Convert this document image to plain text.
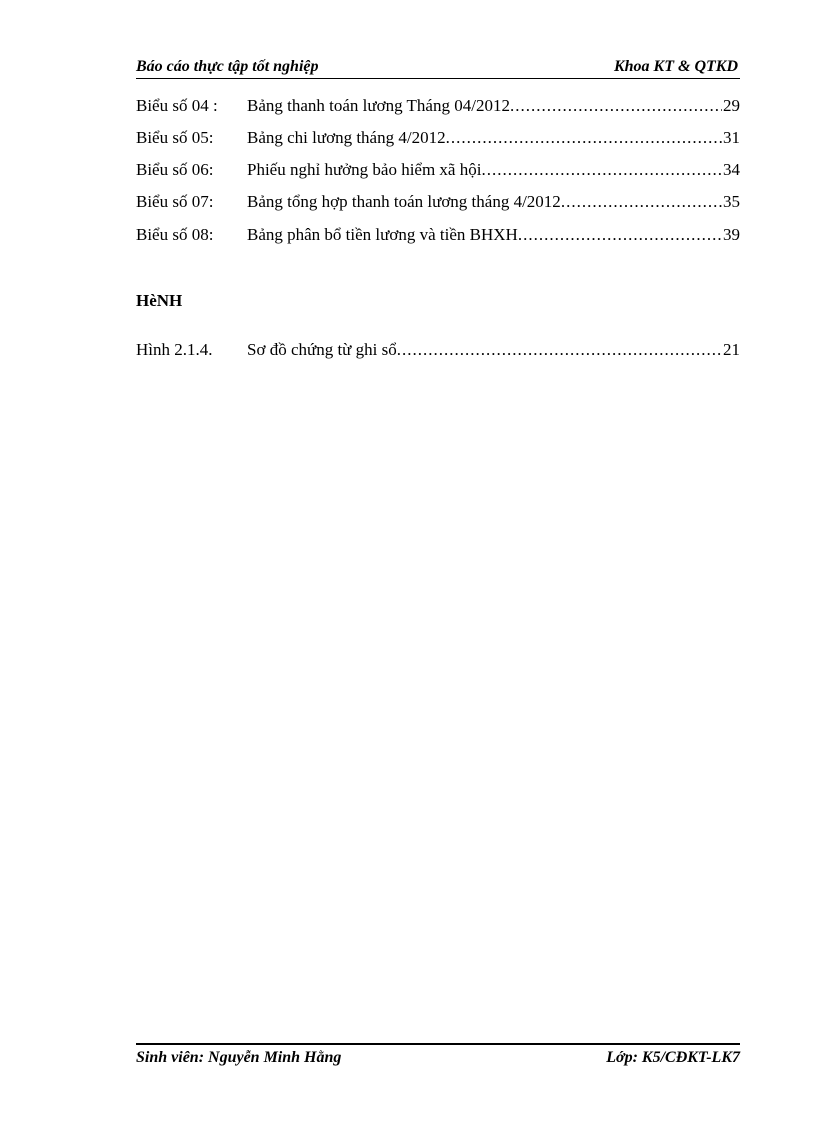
Báo cáo thực tập tốt nghiệp	Khoa KT & QTKD
Biểu số 04 :	Bảng thanh toán lương Tháng 04/2012 .....	29
Biểu số 05:	Bảng chi lương tháng 4/2012 .....	31
Biểu số 06:	Phiếu nghỉ hưởng bảo hiểm xã hội .....	34
Biểu số 07:	Bảng tổng hợp thanh toán lương tháng 4/2012 .....	35
Biểu số 08:	Bảng phân bổ tiền lương và tiền BHXH .....	39
HèNH
Hình 2.1.4.	Sơ đồ chứng từ ghi sổ .....	21
Sinh viên: Nguyễn Minh Hằng	Lớp: K5/CĐKT-LK7
